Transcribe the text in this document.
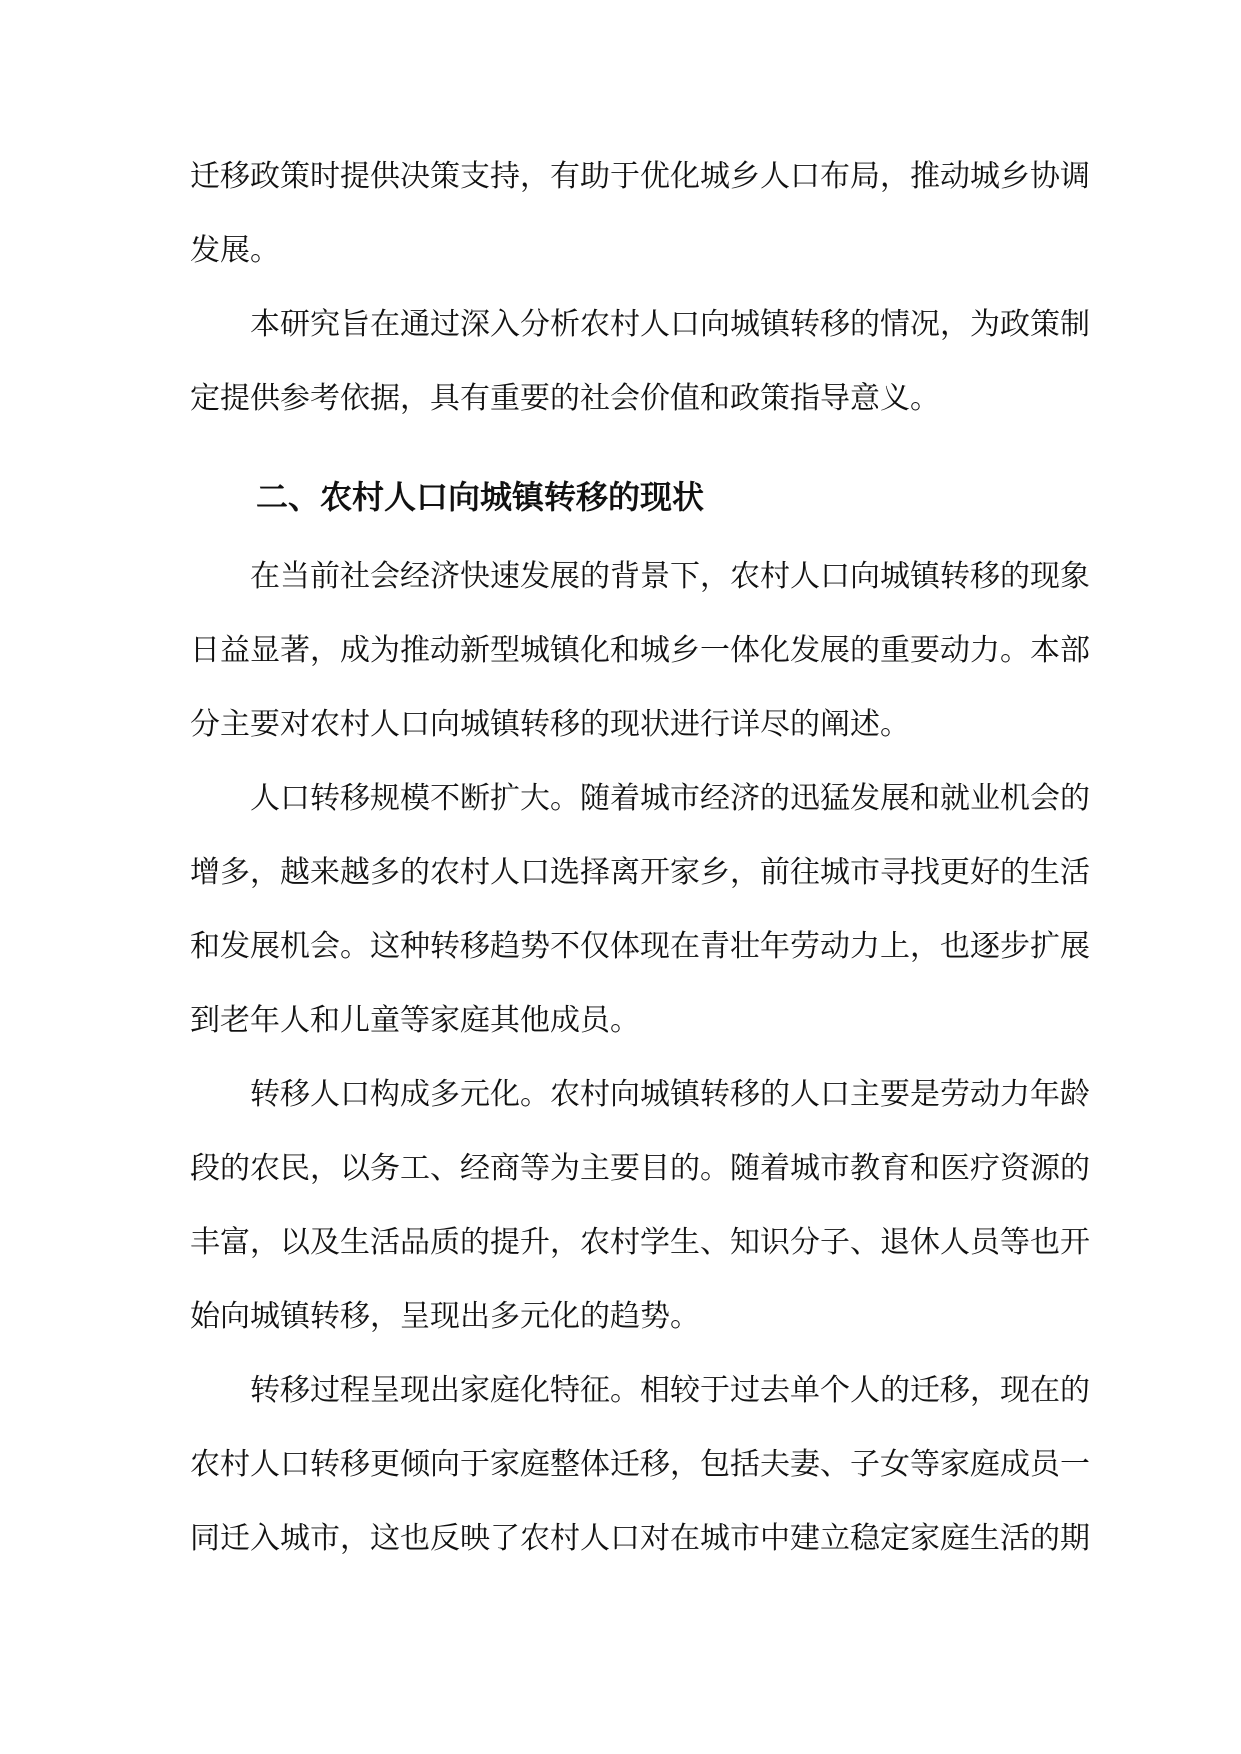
迁移政策时提供决策支持，有助于优化城乡人口布局，推动城乡协调
发展。
本研究旨在通过深入分析农村人口向城镇转移的情况，为政策制
定提供参考依据，具有重要的社会价值和政策指导意义。
二、农村人口向城镇转移的现状
在当前社会经济快速发展的背景下，农村人口向城镇转移的现象
日益显著，成为推动新型城镇化和城乡一体化发展的重要动力。本部
分主要对农村人口向城镇转移的现状进行详尽的阐述。
人口转移规模不断扩大。随着城市经济的迅猛发展和就业机会的
增多，越来越多的农村人口选择离开家乡，前往城市寻找更好的生活
和发展机会。这种转移趋势不仅体现在青壮年劳动力上，也逐步扩展
到老年人和儿童等家庭其他成员。
转移人口构成多元化。农村向城镇转移的人口主要是劳动力年龄
段的农民，以务工、经商等为主要目的。随着城市教育和医疗资源的
丰富，以及生活品质的提升，农村学生、知识分子、退休人员等也开
始向城镇转移，呈现出多元化的趋势。
转移过程呈现出家庭化特征。相较于过去单个人的迁移，现在的
农村人口转移更倾向于家庭整体迁移，包括夫妻、子女等家庭成员一
同迁入城市，这也反映了农村人口对在城市中建立稳定家庭生活的期
